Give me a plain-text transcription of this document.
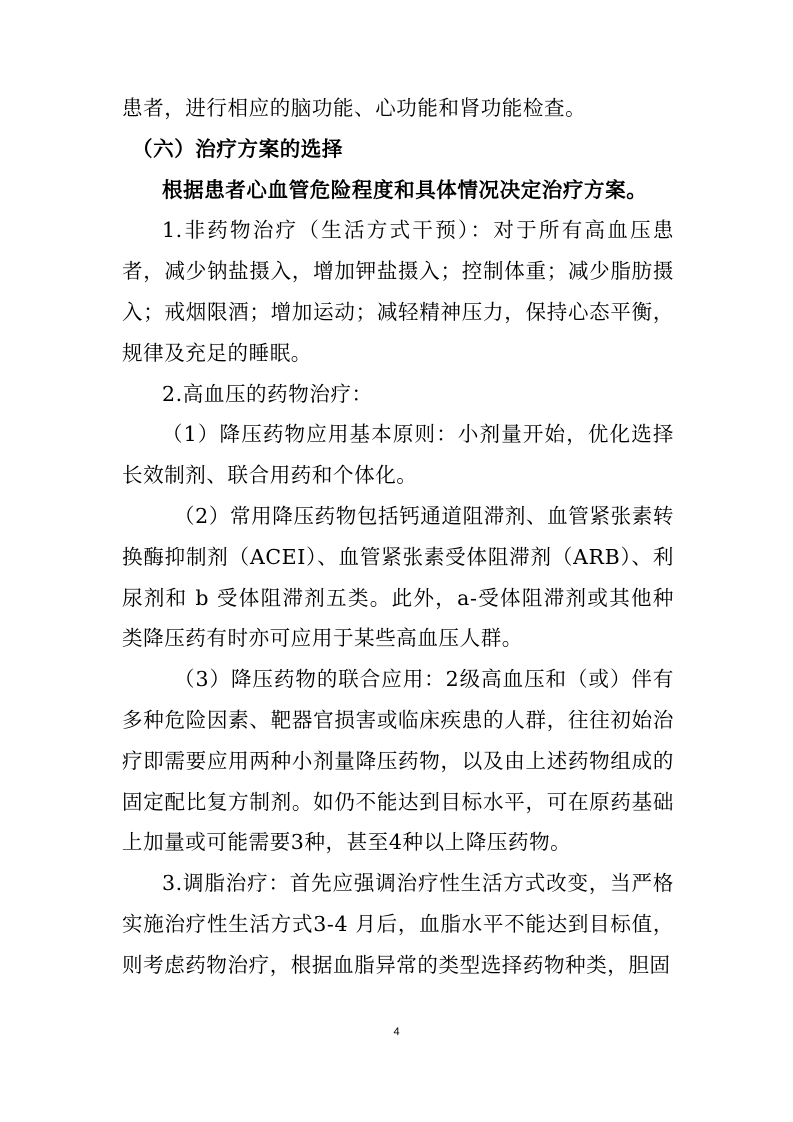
患者，进行相应的脑功能、心功能和肾功能检查。

（六）治疗方案的选择

根据患者心血管危险程度和具体情况决定治疗方案。

1.非药物治疗（生活方式干预）：对于所有高血压患者，减少钠盐摄入，增加钾盐摄入；控制体重；减少脂肪摄入；戒烟限酒；增加运动；减轻精神压力，保持心态平衡，规律及充足的睡眠。

2.高血压的药物治疗：

（1）降压药物应用基本原则：小剂量开始，优化选择长效制剂、联合用药和个体化。

（2）常用降压药物包括钙通道阻滞剂、血管紧张素转换酶抑制剂（ACEI）、血管紧张素受体阻滞剂（ARB）、利尿剂和 b 受体阻滞剂五类。此外，a-受体阻滞剂或其他种类降压药有时亦可应用于某些高血压人群。

（3）降压药物的联合应用：2级高血压和（或）伴有多种危险因素、靶器官损害或临床疾患的人群，往往初始治疗即需要应用两种小剂量降压药物，以及由上述药物组成的固定配比复方制剂。如仍不能达到目标水平，可在原药基础上加量或可能需要3种，甚至4种以上降压药物。

3.调脂治疗：首先应强调治疗性生活方式改变，当严格实施治疗性生活方式3-4 月后，血脂水平不能达到目标值，则考虑药物治疗，根据血脂异常的类型选择药物种类，胆固

4
